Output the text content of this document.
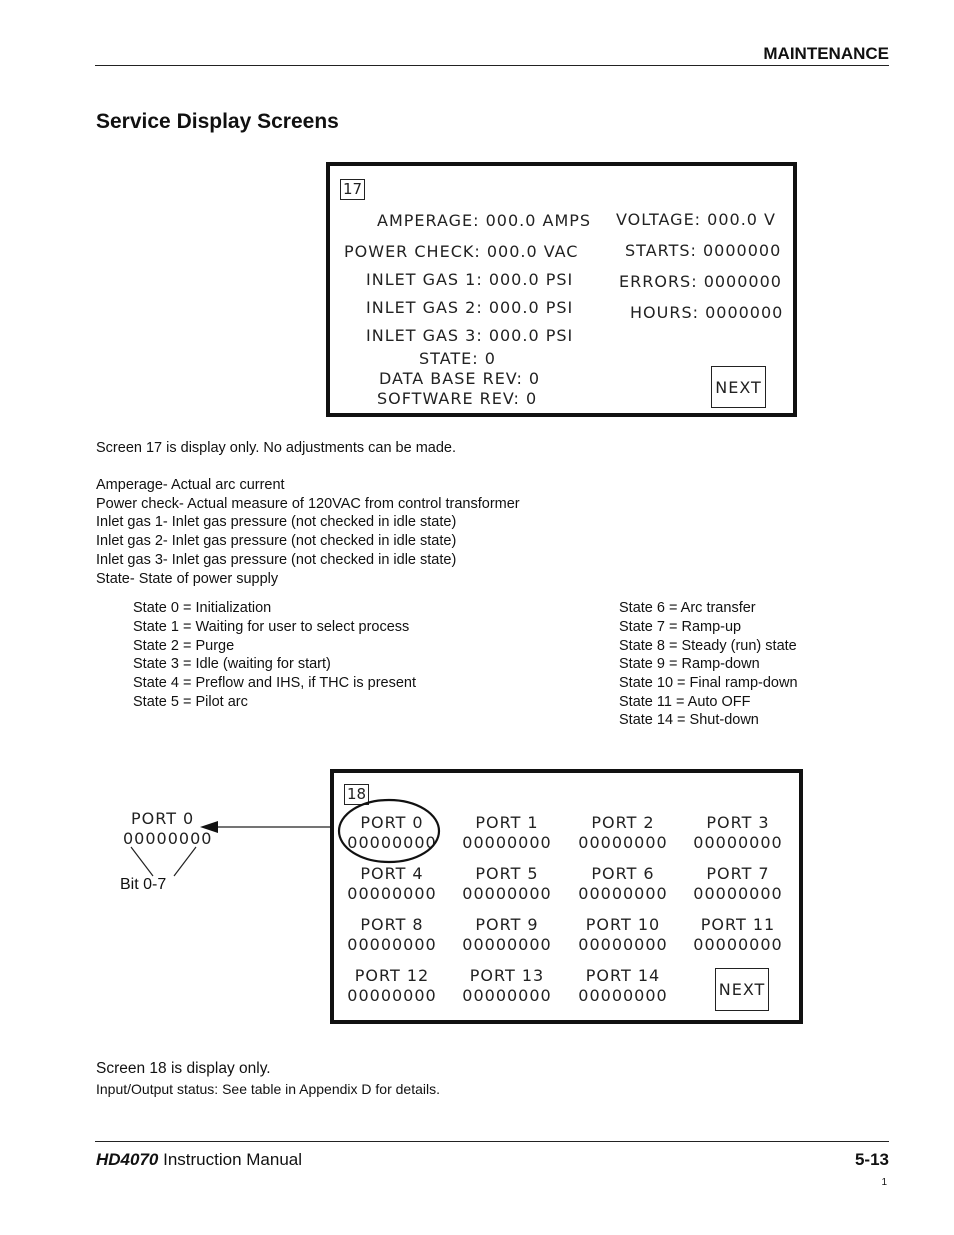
MAINTENANCE
Service Display Screens
17
AMPERAGE: 000.0 AMPS
POWER CHECK: 000.0 VAC
INLET GAS 1: 000.0 PSI
INLET GAS 2: 000.0 PSI
INLET GAS 3: 000.0 PSI
STATE: 0
DATA BASE REV: 0
SOFTWARE REV: 0
VOLTAGE: 000.0 V
STARTS: 0000000
ERRORS: 0000000
HOURS: 0000000
NEXT
Screen 17 is display only. No adjustments can be made.
Amperage- Actual arc current
Power check- Actual measure of 120VAC from control transformer
Inlet gas 1- Inlet gas pressure (not checked in idle state)
Inlet gas 2- Inlet gas pressure (not checked in idle state)
Inlet gas 3- Inlet gas pressure (not checked in idle state)
State- State of power supply
State 0 = Initialization
State 1 = Waiting for user to select process
State 2 = Purge
State 3 = Idle (waiting for start)
State 4 = Preflow and IHS, if THC is present
State 5 = Pilot arc
State 6 = Arc transfer
State 7 = Ramp-up
State 8 = Steady (run) state
State 9 = Ramp-down
State 10 = Final ramp-down
State 11 = Auto OFF
State 14 = Shut-down
PORT 0
00000000
Bit 0-7
18
PORT 0
00000000
PORT 1
00000000
PORT 2
00000000
PORT 3
00000000
PORT 4
00000000
PORT 5
00000000
PORT 6
00000000
PORT 7
00000000
PORT 8
00000000
PORT 9
00000000
PORT 10
00000000
PORT 11
00000000
PORT 12
00000000
PORT 13
00000000
PORT 14
00000000	NEXT
Screen 18 is display only.
Input/Output status: See table in Appendix D for details.
HD4070 Instruction Manual	5-13
1
